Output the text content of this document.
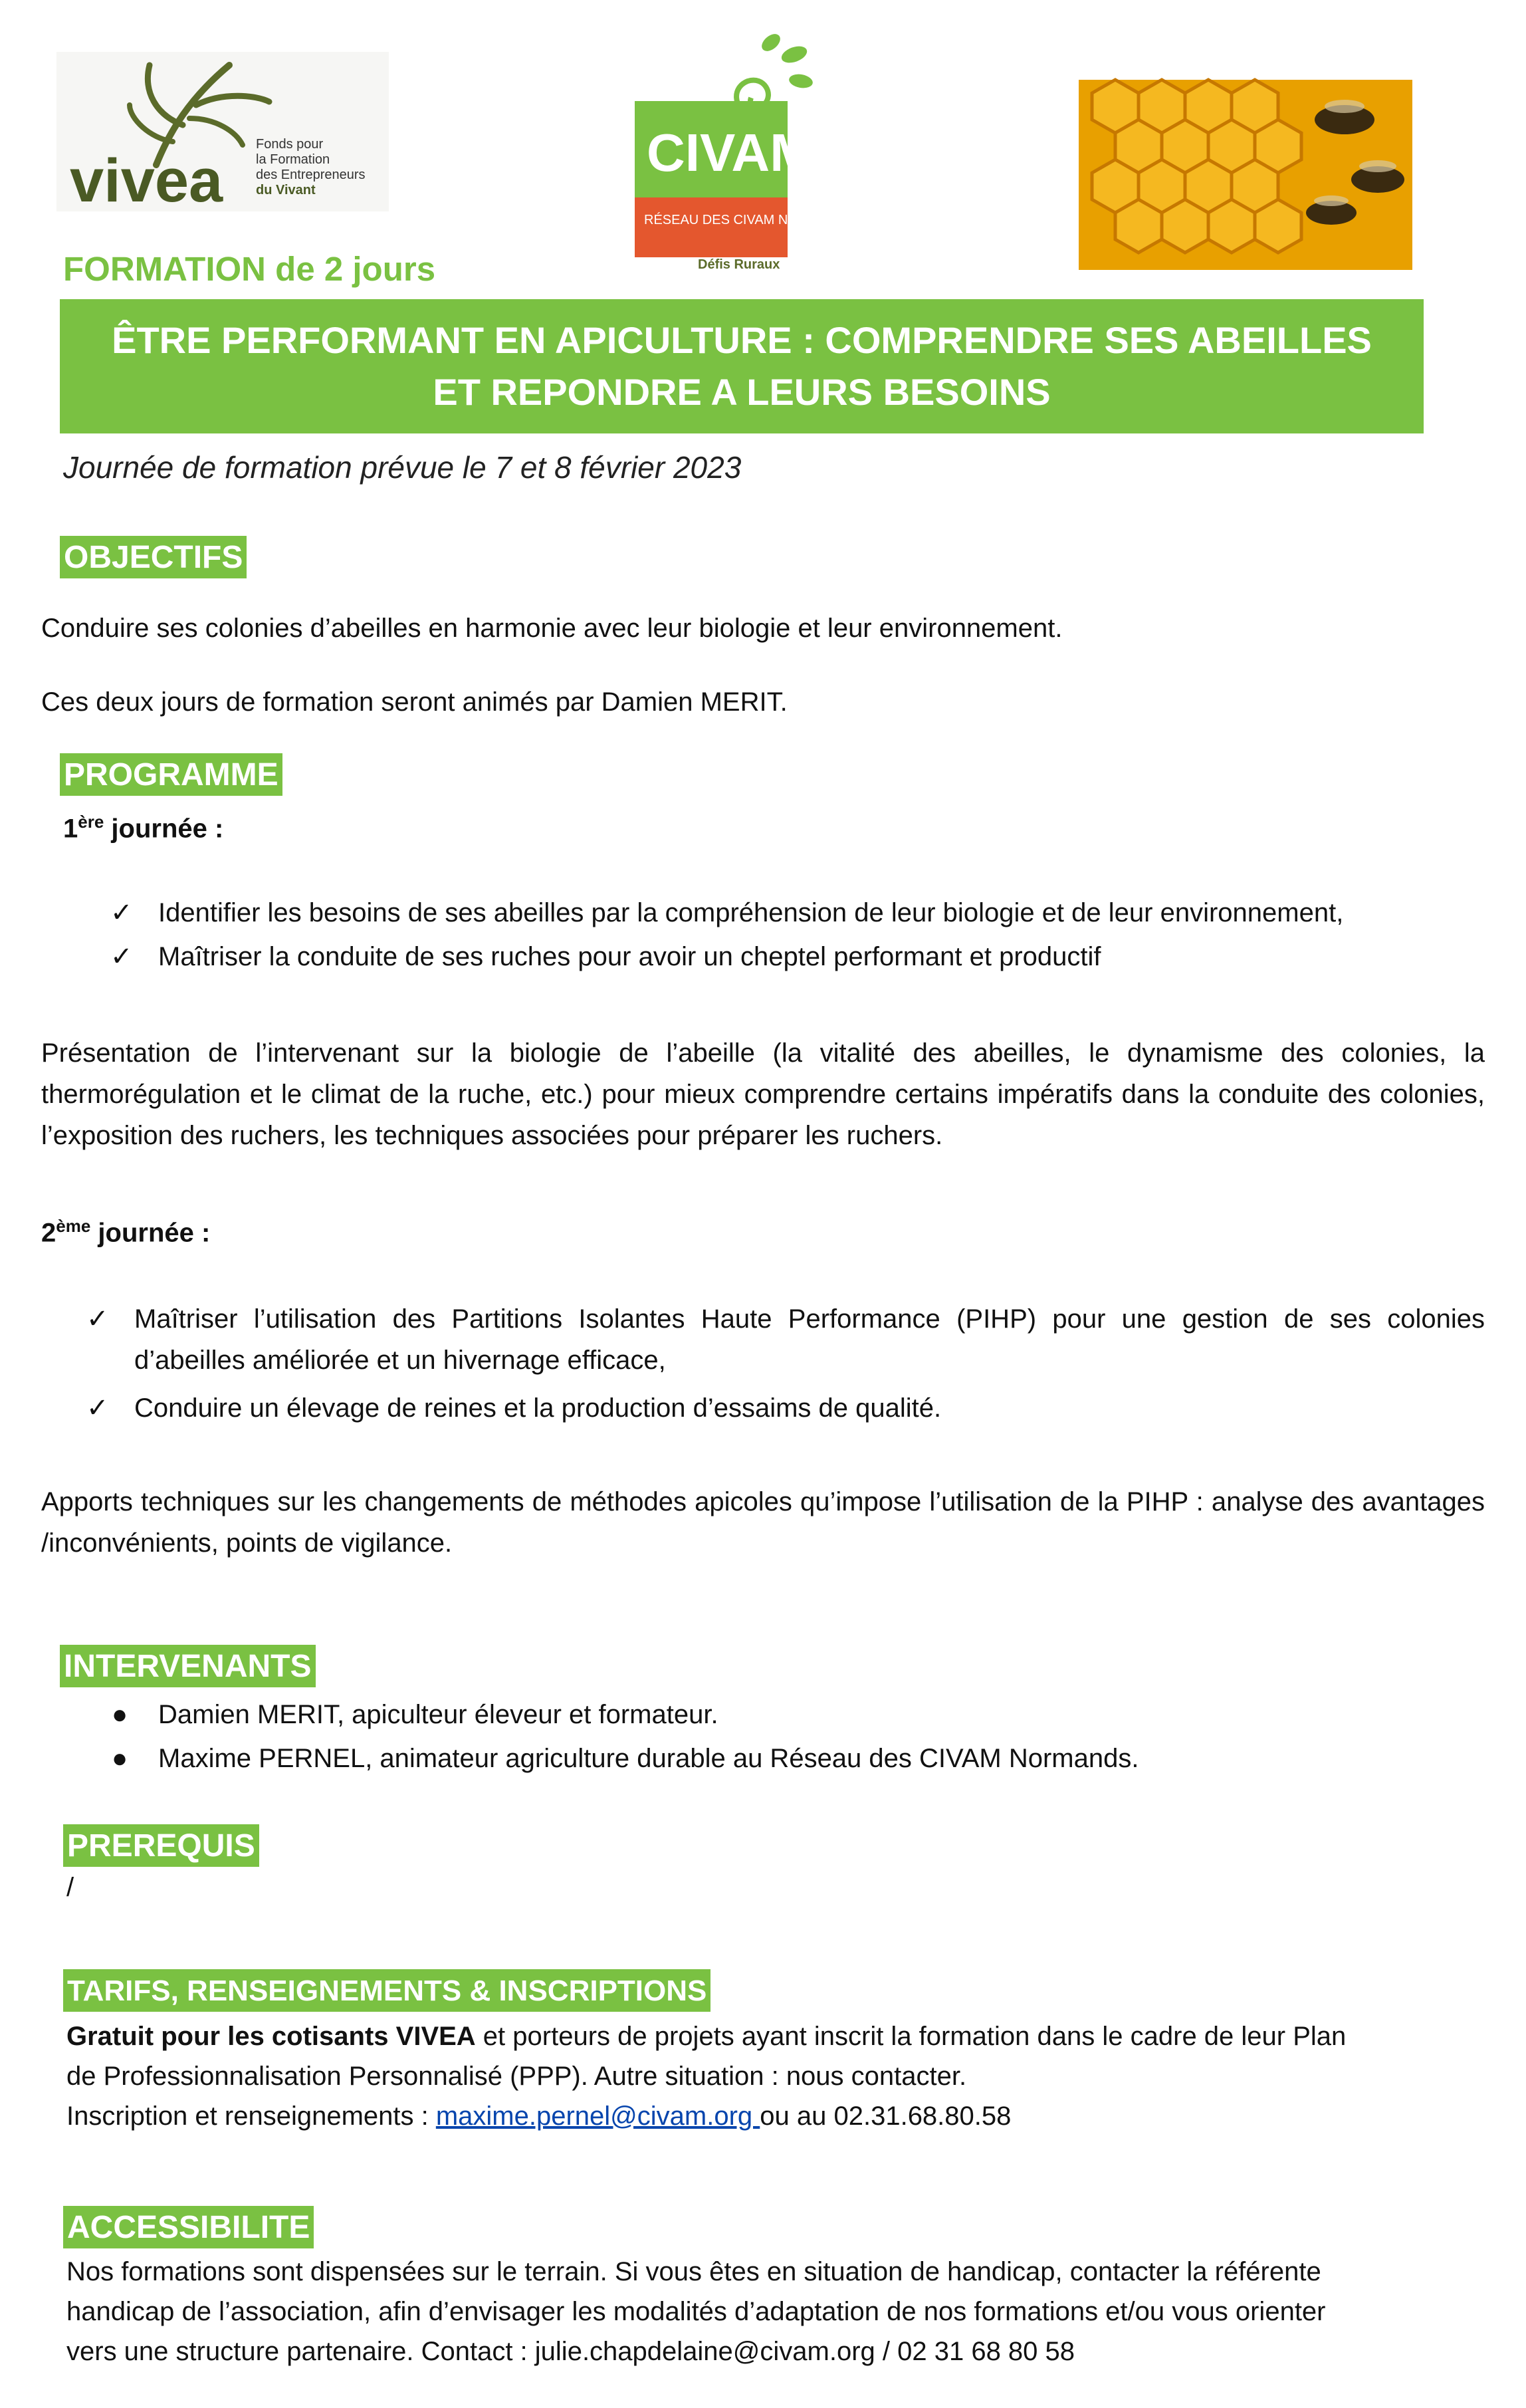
vivea
Fonds pour
la Formation
des Entrepreneurs
du Vivant
CIVAM
RÉSEAU DES CIVAM NORMANDS
Défis Ruraux
FORMATION de 2 jours
ÊTRE PERFORMANT EN APICULTURE : COMPRENDRE SES ABEILLES ET REPONDRE A LEURS BESOINS
Journée de formation prévue le 7 et 8 février 2023
OBJECTIFS
Conduire ses colonies d’abeilles en harmonie avec leur biologie et leur environnement.
Ces deux jours de formation seront animés par Damien MERIT.
PROGRAMME
1ère journée :
✓ Identifier les besoins de ses abeilles par la compréhension de leur biologie et de leur environnement,
✓ Maîtriser la conduite de ses ruches pour avoir un cheptel performant et productif
Présentation de l’intervenant sur la biologie de l’abeille (la vitalité des abeilles, le dynamisme des colonies, la thermorégulation et le climat de la ruche, etc.) pour mieux comprendre certains impératifs dans la conduite des colonies, l’exposition des ruchers, les techniques associées pour préparer les ruchers.
2ème journée :
✓ Maîtriser l’utilisation des Partitions Isolantes Haute Performance (PIHP) pour une gestion de ses colonies d’abeilles améliorée et un hivernage efficace,
✓ Conduire un élevage de reines et la production d’essaims de qualité.
Apports techniques sur les changements de méthodes apicoles qu’impose l’utilisation de la PIHP : analyse des avantages /inconvénients, points de vigilance.
INTERVENANTS
● Damien MERIT, apiculteur éleveur et formateur.
● Maxime PERNEL, animateur agriculture durable au Réseau des CIVAM Normands.
PREREQUIS
/
TARIFS, RENSEIGNEMENTS & INSCRIPTIONS
Gratuit pour les cotisants VIVEA et porteurs de projets ayant inscrit la formation dans le cadre de leur Plan
de Professionnalisation Personnalisé (PPP). Autre situation : nous contacter.
Inscription et renseignements : maxime.pernel@civam.org ou au 02.31.68.80.58
ACCESSIBILITE
Nos formations sont dispensées sur le terrain. Si vous êtes en situation de handicap, contacter la référente
handicap de l’association, afin d’envisager les modalités d’adaptation de nos formations et/ou vous orienter
vers une structure partenaire. Contact : julie.chapdelaine@civam.org / 02 31 68 80 58
